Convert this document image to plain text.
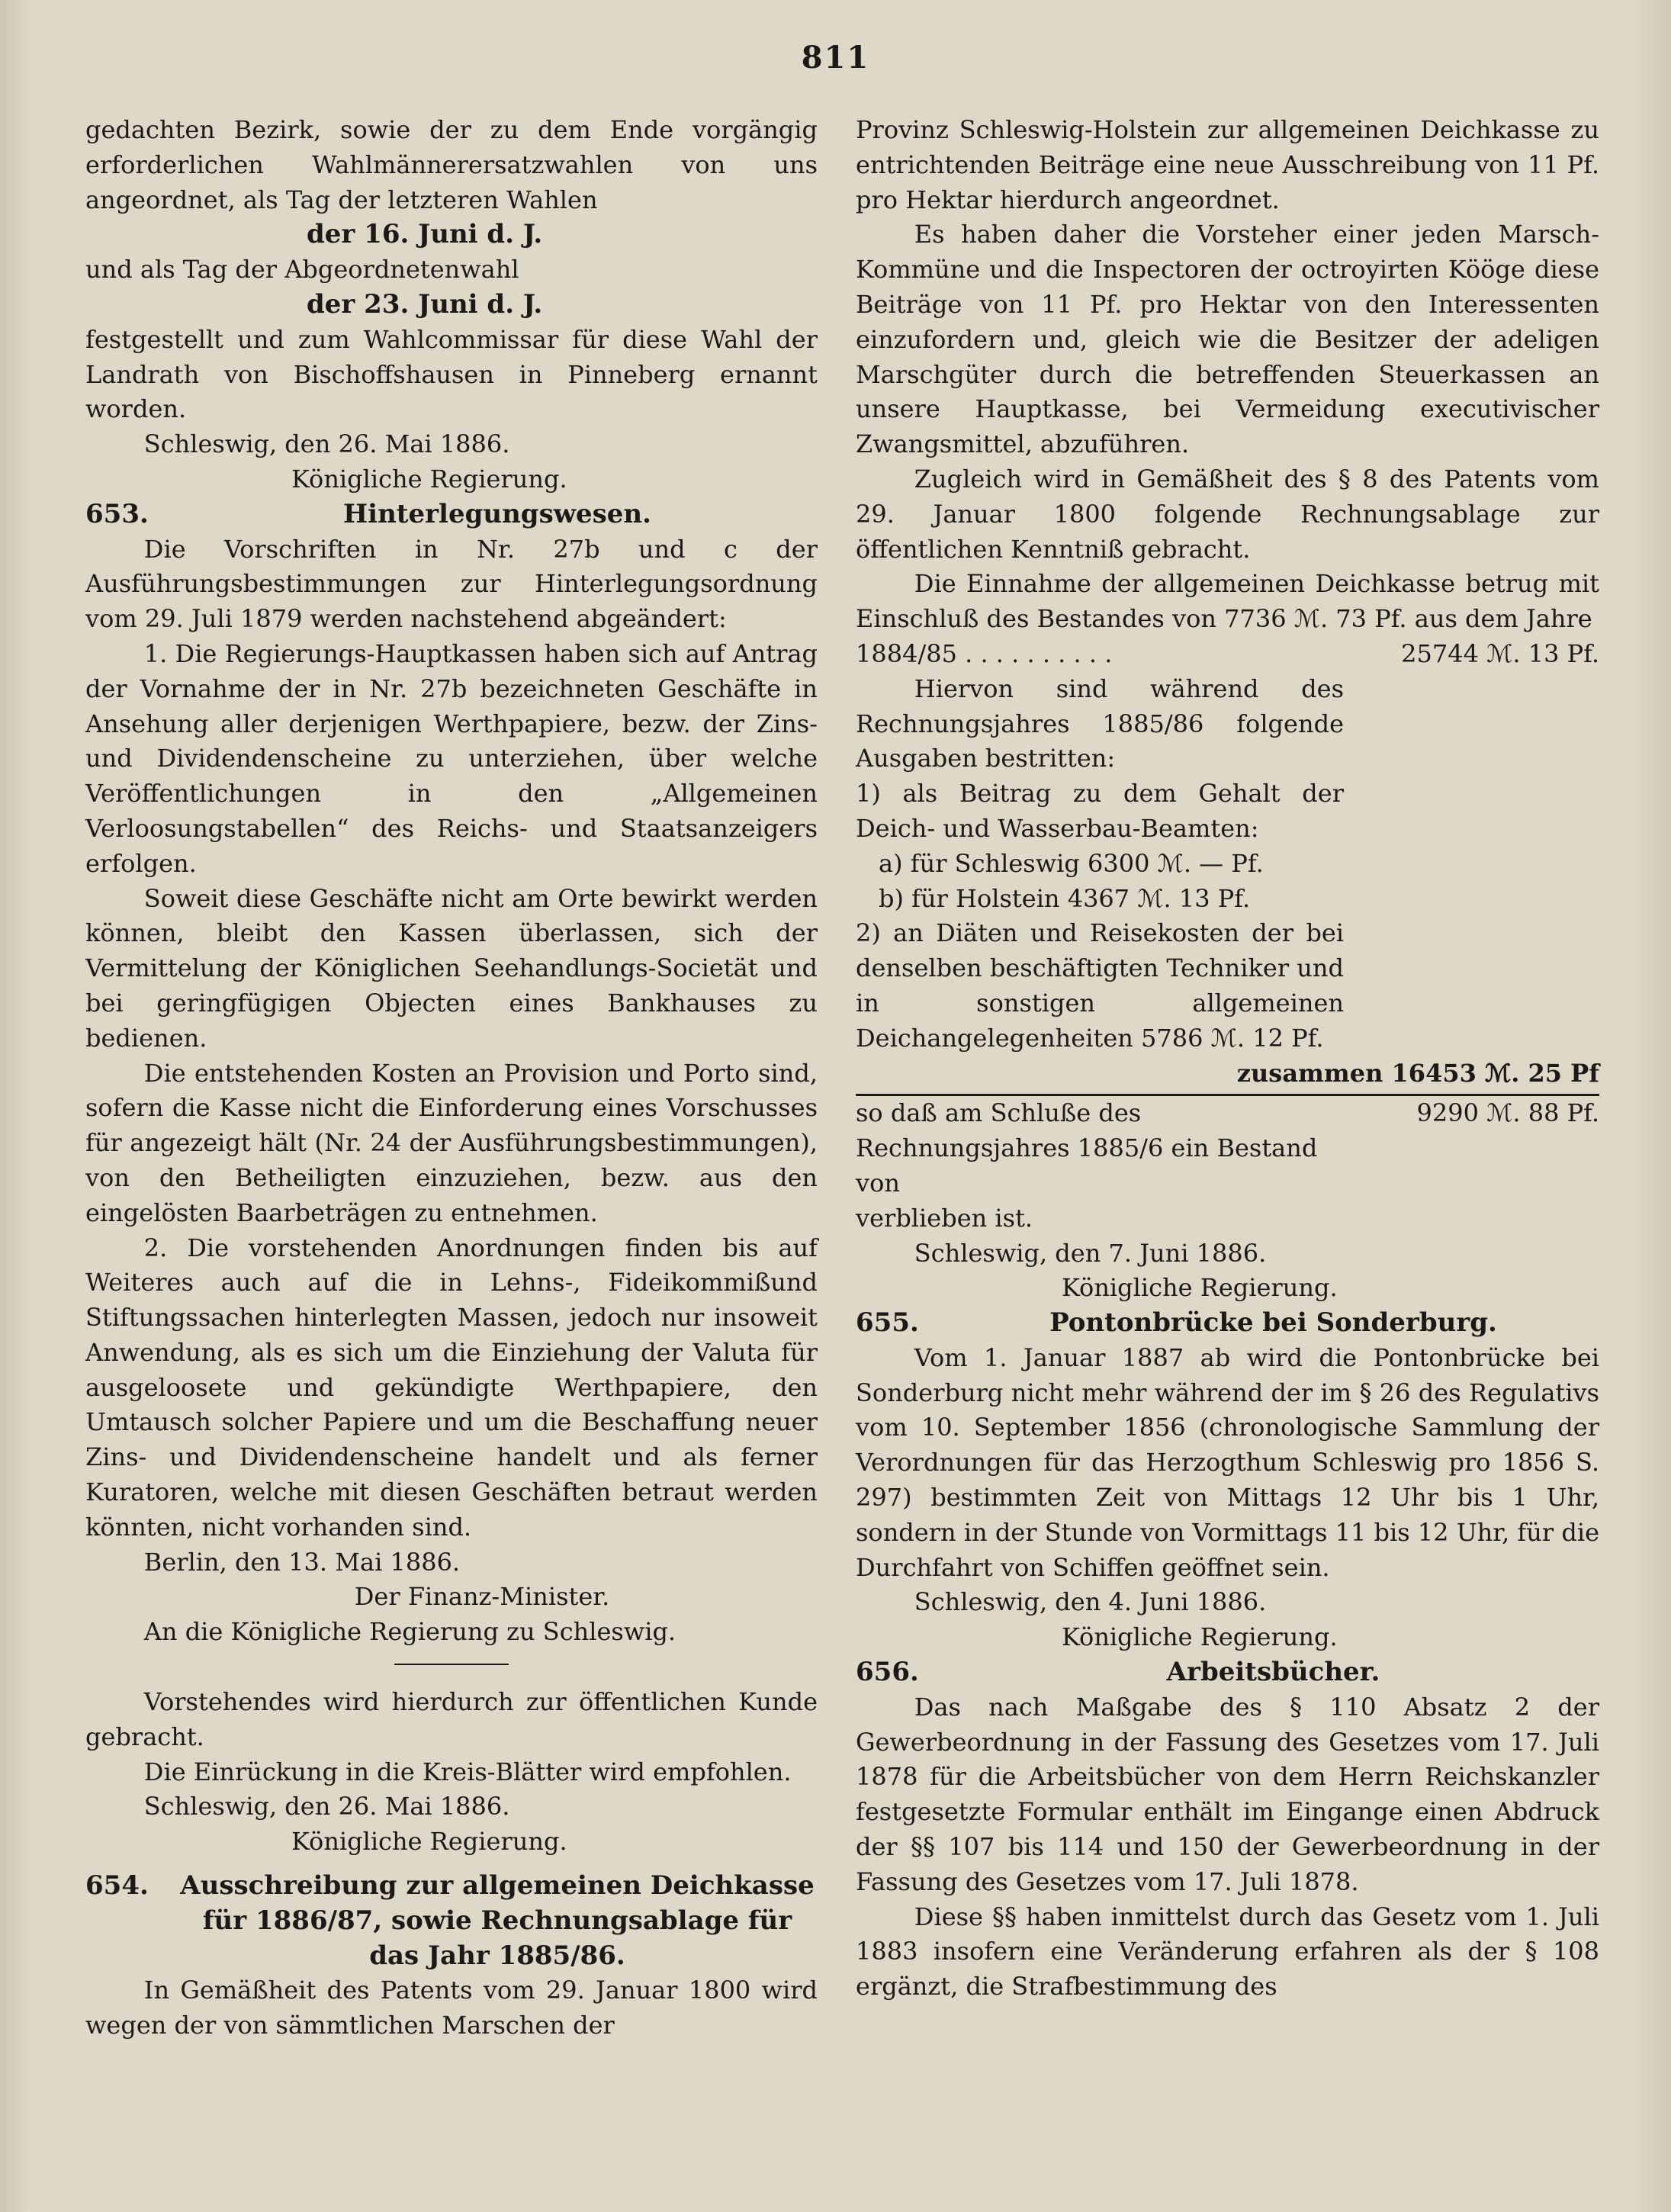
811

gedachten Bezirk, sowie der zu dem Ende vorgängig erforderlichen Wahlmännerersatzwahlen von uns angeordnet, als Tag der letzteren Wahlen

der 16. Juni d. J.

und als Tag der Abgeordnetenwahl

der 23. Juni d. J.

festgestellt und zum Wahlcommissar für diese Wahl der Landrath von Bischoffshausen in Pinneberg ernannt worden.

Schleswig, den 26. Mai 1886.

Königliche Regierung.

653.	Hinterlegungswesen.

Die Vorschriften in Nr. 27b und c der Ausführungsbestimmungen zur Hinterlegungsordnung vom 29. Juli 1879 werden nachstehend abgeändert:

1. Die Regierungs-Hauptkassen haben sich auf Antrag der Vornahme der in Nr. 27b bezeichneten Geschäfte in Ansehung aller derjenigen Werthpapiere, bezw. der Zins- und Dividendenscheine zu unterziehen, über welche Veröffentlichungen in den „Allgemeinen Verloosungstabellen“ des Reichs- und Staatsanzeigers erfolgen.

Soweit diese Geschäfte nicht am Orte bewirkt werden können, bleibt den Kassen überlassen, sich der Vermittelung der Königlichen Seehandlungs-Societät und bei geringfügigen Objecten eines Bankhauses zu bedienen.

Die entstehenden Kosten an Provision und Porto sind, sofern die Kasse nicht die Einforderung eines Vorschusses für angezeigt hält (Nr. 24 der Ausführungsbestimmungen), von den Betheiligten einzuziehen, bezw. aus den eingelösten Baarbeträgen zu entnehmen.

2. Die vorstehenden Anordnungen finden bis auf Weiteres auch auf die in Lehns-, Fideikommißund Stiftungssachen hinterlegten Massen, jedoch nur insoweit Anwendung, als es sich um die Einziehung der Valuta für ausgeloosete und gekündigte Werthpapiere, den Umtausch solcher Papiere und um die Beschaffung neuer Zins- und Dividendenscheine handelt und als ferner Kuratoren, welche mit diesen Geschäften betraut werden könnten, nicht vorhanden sind.

Berlin, den 13. Mai 1886.

Der Finanz-Minister.

An die Königliche Regierung zu Schleswig.

Vorstehendes wird hierdurch zur öffentlichen Kunde gebracht.

Die Einrückung in die Kreis-Blätter wird empfohlen.

Schleswig, den 26. Mai 1886.

Königliche Regierung.

654.	Ausschreibung zur allgemeinen Deichkasse für 1886/87, sowie Rechnungsablage für das Jahr 1885/86.

In Gemäßheit des Patents vom 29. Januar 1800 wird wegen der von sämmtlichen Marschen der

Provinz Schleswig-Holstein zur allgemeinen Deichkasse zu entrichtenden Beiträge eine neue Ausschreibung von 11 Pf. pro Hektar hierdurch angeordnet.

Es haben daher die Vorsteher einer jeden Marsch-Kommüne und die Inspectoren der octroyirten Kööge diese Beiträge von 11 Pf. pro Hektar von den Interessenten einzufordern und, gleich wie die Besitzer der adeligen Marschgüter durch die betreffenden Steuerkassen an unsere Hauptkasse, bei Vermeidung executivischer Zwangsmittel, abzuführen.

Zugleich wird in Gemäßheit des § 8 des Patents vom 29. Januar 1800 folgende Rechnungsablage zur öffentlichen Kenntniß gebracht.

Die Einnahme der allgemeinen Deichkasse betrug mit Einschluß des Bestandes von 7736 ℳ. 73 Pf. aus dem Jahre

1884/85 . . . . . . . . . .	25744 ℳ. 13 Pf.

Hiervon sind während des Rechnungsjahres 1885/86 folgende Ausgaben bestritten:

1) als Beitrag zu dem Gehalt der Deich- und Wasserbau-Beamten:

a) für Schleswig 6300 ℳ. — Pf.

b) für Holstein 4367 ℳ. 13 Pf.

2) an Diäten und Reisekosten der bei denselben beschäftigten Techniker und in sonstigen allgemeinen Deichangelegenheiten 5786 ℳ. 12 Pf.

zusammen 16453 ℳ. 25 Pf
so daß am Schluße des Rechnungsjahres 1885/6 ein Bestand von
9290 ℳ. 88 Pf.

verblieben ist.

Schleswig, den 7. Juni 1886.

Königliche Regierung.

655.	Pontonbrücke bei Sonderburg.

Vom 1. Januar 1887 ab wird die Pontonbrücke bei Sonderburg nicht mehr während der im § 26 des Regulativs vom 10. September 1856 (chronologische Sammlung der Verordnungen für das Herzogthum Schleswig pro 1856 S. 297) bestimmten Zeit von Mittags 12 Uhr bis 1 Uhr, sondern in der Stunde von Vormittags 11 bis 12 Uhr, für die Durchfahrt von Schiffen geöffnet sein.

Schleswig, den 4. Juni 1886.

Königliche Regierung.

656.	Arbeitsbücher.

Das nach Maßgabe des § 110 Absatz 2 der Gewerbeordnung in der Fassung des Gesetzes vom 17. Juli 1878 für die Arbeitsbücher von dem Herrn Reichskanzler festgesetzte Formular enthält im Eingange einen Abdruck der §§ 107 bis 114 und 150 der Gewerbeordnung in der Fassung des Gesetzes vom 17. Juli 1878.

Diese §§ haben inmittelst durch das Gesetz vom 1. Juli 1883 insofern eine Veränderung erfahren als der § 108 ergänzt, die Strafbestimmung des
